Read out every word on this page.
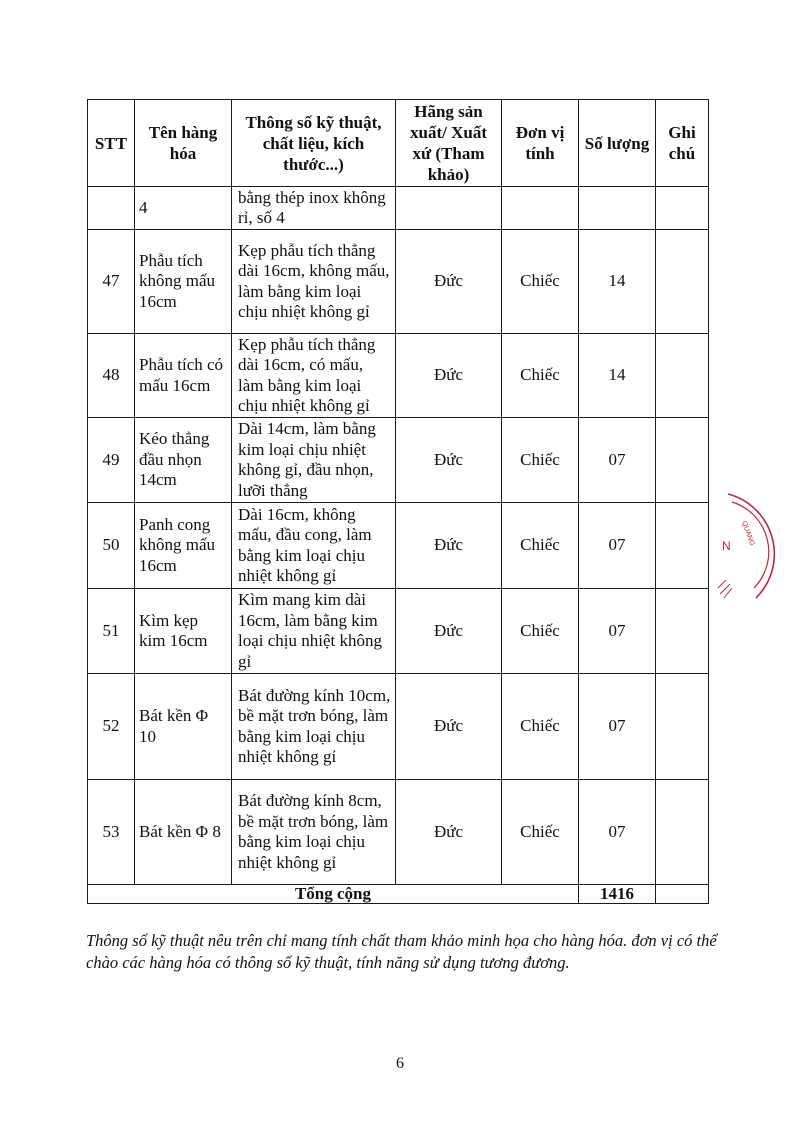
STT	Tên hàng hóa	Thông số kỹ thuật, chất liệu, kích thước...)	Hãng sản xuất/ Xuất xứ (Tham khảo)	Đơn vị tính	Số lượng	Ghi chú
	4	bằng thép inox không rỉ, số 4				
47	Phẫu tích không mấu 16cm	Kẹp phẫu tích thẳng dài 16cm, không mấu, làm bằng kim loại chịu nhiệt không gỉ	Đức	Chiếc	14	
48	Phẫu tích có mấu 16cm	Kẹp phẫu tích thẳng dài 16cm, có mấu, làm bằng kim loại chịu nhiệt không gỉ	Đức	Chiếc	14	
49	Kéo thẳng đầu nhọn 14cm	Dài 14cm, làm bằng kim loại chịu nhiệt không gỉ, đầu nhọn, lưỡi thẳng	Đức	Chiếc	07	
50	Panh cong không mấu 16cm	Dài 16cm, không mấu, đầu cong, làm bằng kim loại chịu nhiệt không gỉ	Đức	Chiếc	07	
51	Kìm kẹp kim 16cm	Kìm mang kim dài 16cm, làm bằng kim loại chịu nhiệt không gỉ	Đức	Chiếc	07	
52	Bát kền Φ 10	Bát đường kính 10cm, bề mặt trơn bóng, làm bằng kim loại chịu nhiệt không gỉ	Đức	Chiếc	07	
53	Bát kền Φ 8	Bát đường kính 8cm, bề mặt trơn bóng, làm bằng kim loại chịu nhiệt không gỉ	Đức	Chiếc	07	
Tổng cộng					1416	

Thông số kỹ thuật nêu trên chỉ mang tính chất tham khảo minh họa cho hàng hóa. đơn vị có thể chào các hàng hóa có thông số kỹ thuật, tính năng sử dụng tương đương.

6
N QUANG
